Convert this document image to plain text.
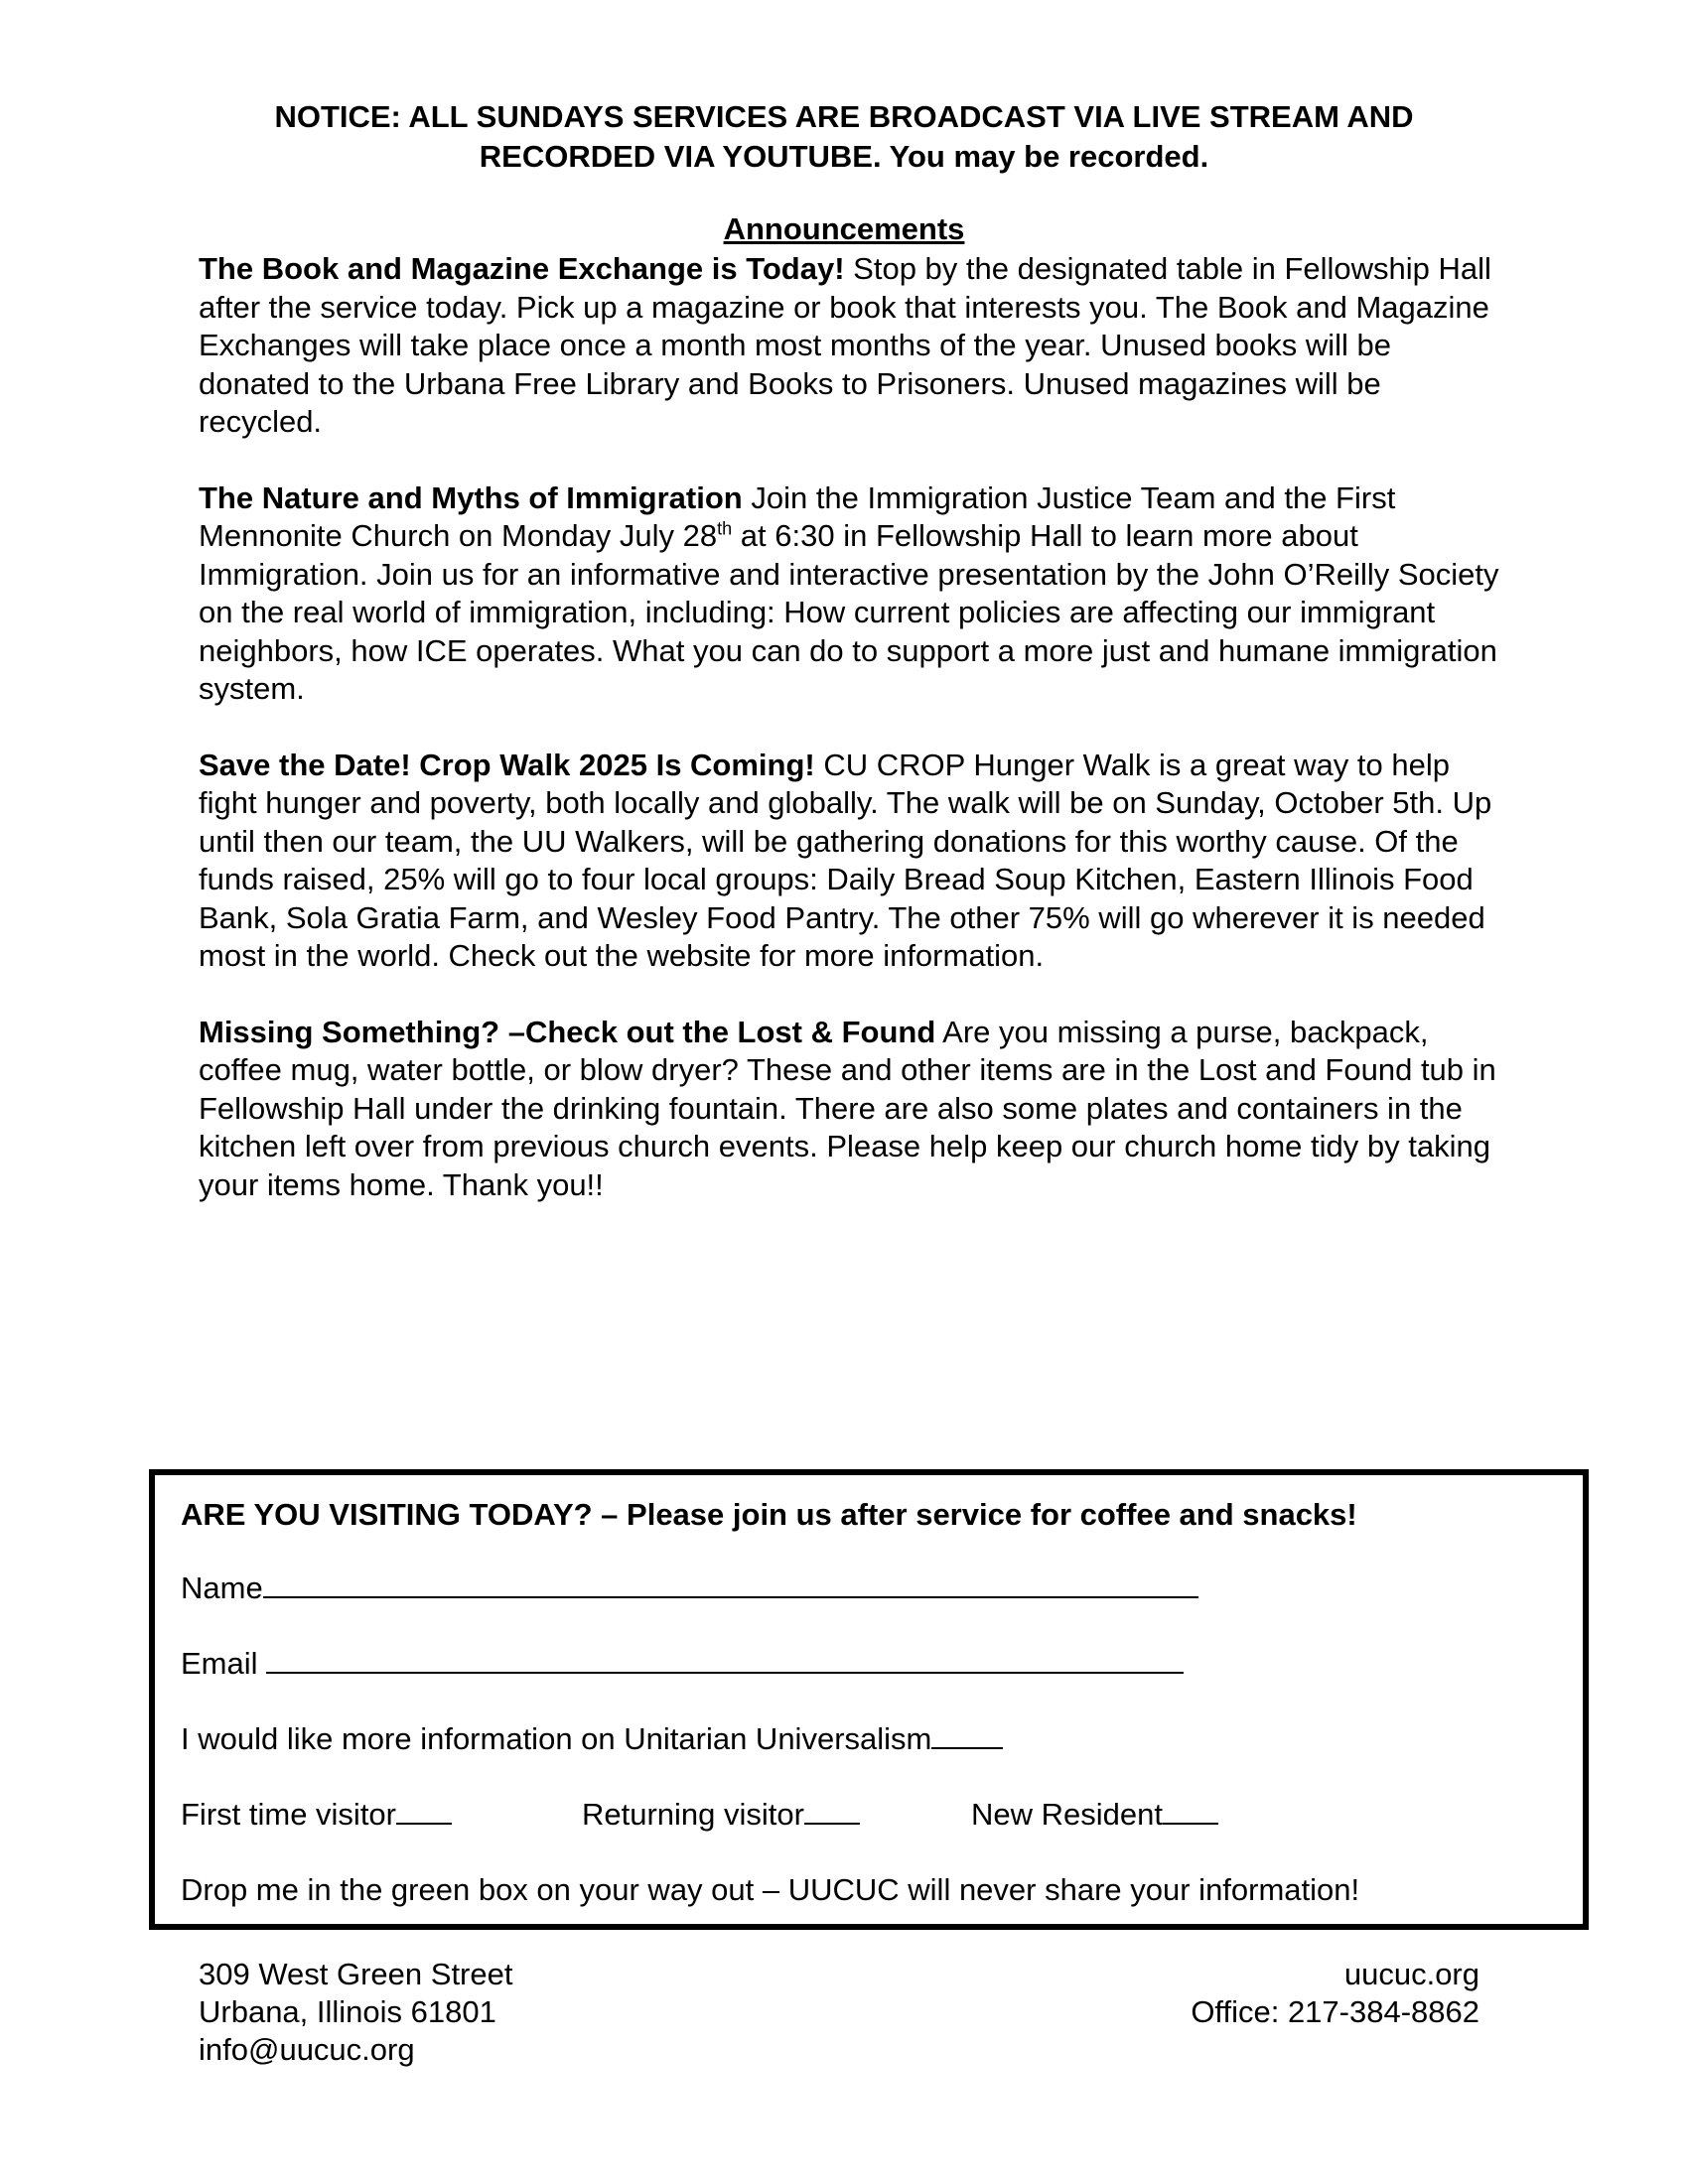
NOTICE: ALL SUNDAYS SERVICES ARE BROADCAST VIA LIVE STREAM AND
RECORDED VIA YOUTUBE. You may be recorded.
Announcements

The Book and Magazine Exchange is Today! Stop by the designated table in Fellowship Hall after the service today. Pick up a magazine or book that interests you. The Book and Magazine Exchanges will take place once a month most months of the year. Unused books will be donated to the Urbana Free Library and Books to Prisoners. Unused magazines will be recycled.

The Nature and Myths of Immigration Join the Immigration Justice Team and the First Mennonite Church on Monday July 28th at 6:30 in Fellowship Hall to learn more about Immigration. Join us for an informative and interactive presentation by the John O’Reilly Society on the real world of immigration, including: How current policies are affecting our immigrant neighbors, how ICE operates. What you can do to support a more just and humane immigration system.

Save the Date! Crop Walk 2025 Is Coming! CU CROP Hunger Walk is a great way to help fight hunger and poverty, both locally and globally. The walk will be on Sunday, October 5th. Up until then our team, the UU Walkers, will be gathering donations for this worthy cause. Of the funds raised, 25% will go to four local groups: Daily Bread Soup Kitchen, Eastern Illinois Food Bank, Sola Gratia Farm, and Wesley Food Pantry. The other 75% will go wherever it is needed most in the world. Check out the website for more information.

Missing Something? –Check out the Lost & Found Are you missing a purse, backpack, coffee mug, water bottle, or blow dryer? These and other items are in the Lost and Found tub in Fellowship Hall under the drinking fountain. There are also some plates and containers in the kitchen left over from previous church events. Please help keep our church home tidy by taking your items home. Thank you!!

ARE YOU VISITING TODAY? – Please join us after service for coffee and snacks!
Name
Email
I would like more information on Unitarian Universalism
First time visitor	Returning visitor	New Resident
Drop me in the green box on your way out – UUCUC will never share your information!
309 West Green Street
Urbana, Illinois 61801
info@uucuc.org
uucuc.org
Office: 217-384-8862
